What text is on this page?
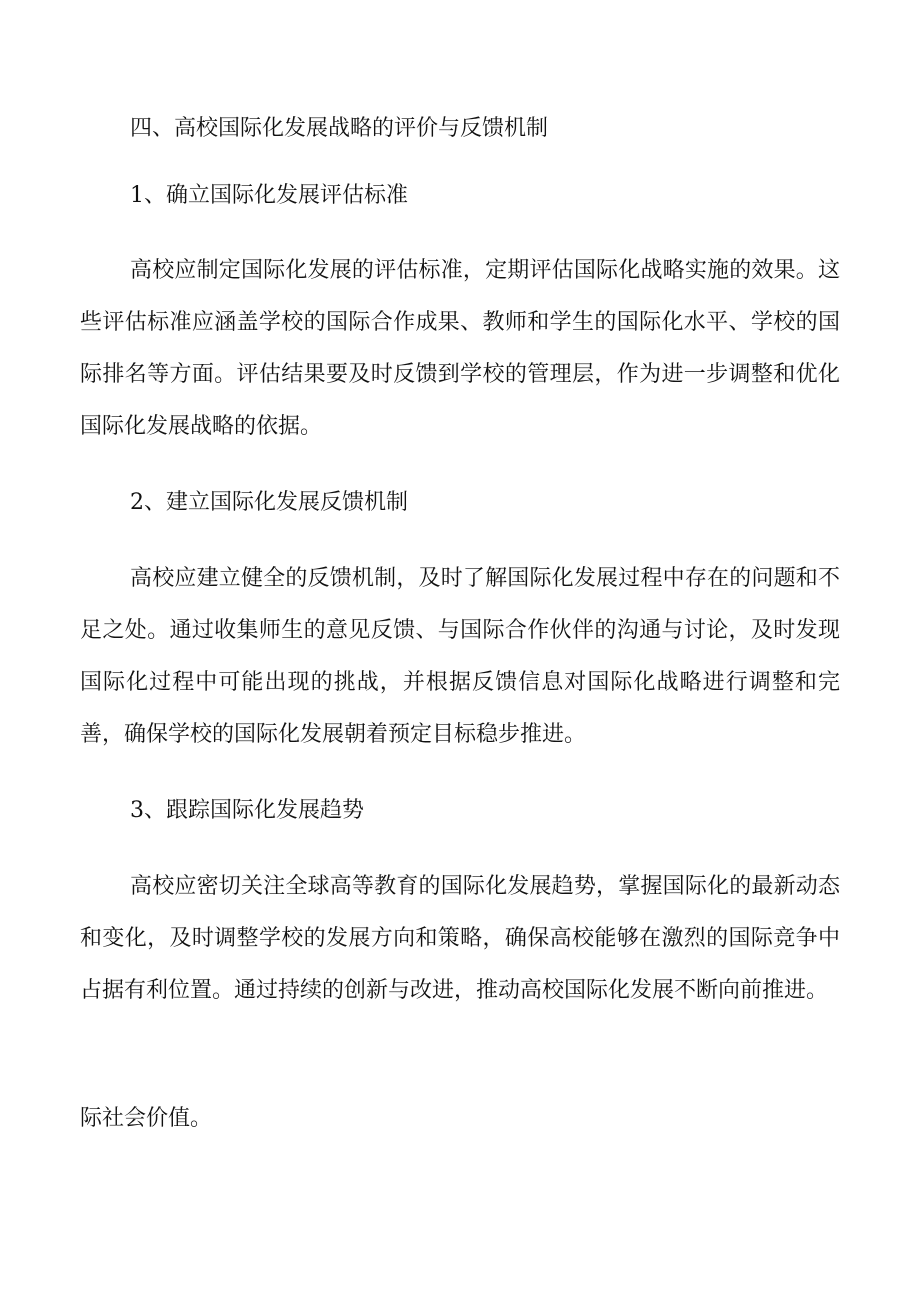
四、高校国际化发展战略的评价与反馈机制

1、确立国际化发展评估标准

高校应制定国际化发展的评估标准，定期评估国际化战略实施的效果。这些评估标准应涵盖学校的国际合作成果、教师和学生的国际化水平、学校的国际排名等方面。评估结果要及时反馈到学校的管理层，作为进一步调整和优化国际化发展战略的依据。

2、建立国际化发展反馈机制

高校应建立健全的反馈机制，及时了解国际化发展过程中存在的问题和不足之处。通过收集师生的意见反馈、与国际合作伙伴的沟通与讨论，及时发现国际化过程中可能出现的挑战，并根据反馈信息对国际化战略进行调整和完善，确保学校的国际化发展朝着预定目标稳步推进。

3、跟踪国际化发展趋势

高校应密切关注全球高等教育的国际化发展趋势，掌握国际化的最新动态和变化，及时调整学校的发展方向和策略，确保高校能够在激烈的国际竞争中占据有利位置。通过持续的创新与改进，推动高校国际化发展不断向前推进。

际社会价值。
